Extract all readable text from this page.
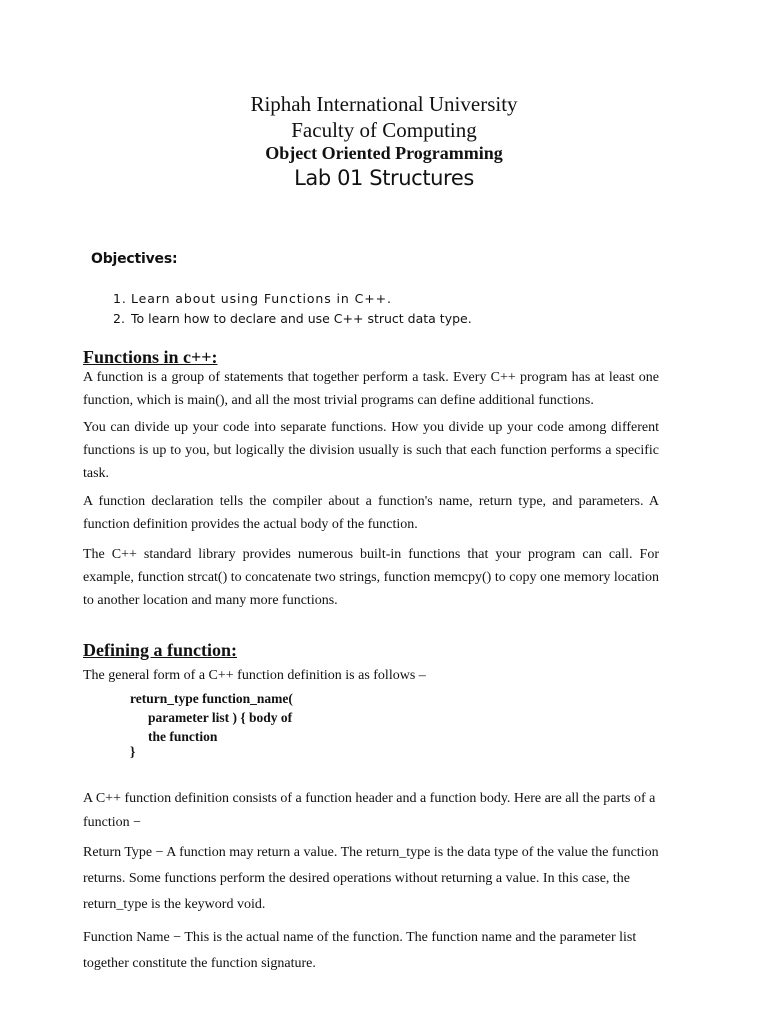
Riphah International University
Faculty of Computing
Object Oriented Programming
Lab 01 Structures
Objectives:
1. Learn about using Functions in C++.
2. To learn how to declare and use C++ struct data type.
Functions in c++:
A function is a group of statements that together perform a task. Every C++ program has at least one function, which is main(), and all the most trivial programs can define additional functions.
You can divide up your code into separate functions. How you divide up your code among different functions is up to you, but logically the division usually is such that each function performs a specific task.
A function declaration tells the compiler about a function's name, return type, and parameters. A function definition provides the actual body of the function.
The C++ standard library provides numerous built-in functions that your program can call. For example, function strcat() to concatenate two strings, function memcpy() to copy one memory location to another location and many more functions.
Defining a function:
The general form of a C++ function definition is as follows –
return_type function_name(
parameter list ) { body of
the function
}
A C++ function definition consists of a function header and a function body. Here are all the parts of a function −
Return Type − A function may return a value. The return_type is the data type of the value the function returns. Some functions perform the desired operations without returning a value. In this case, the return_type is the keyword void.
Function Name − This is the actual name of the function. The function name and the parameter list together constitute the function signature.
